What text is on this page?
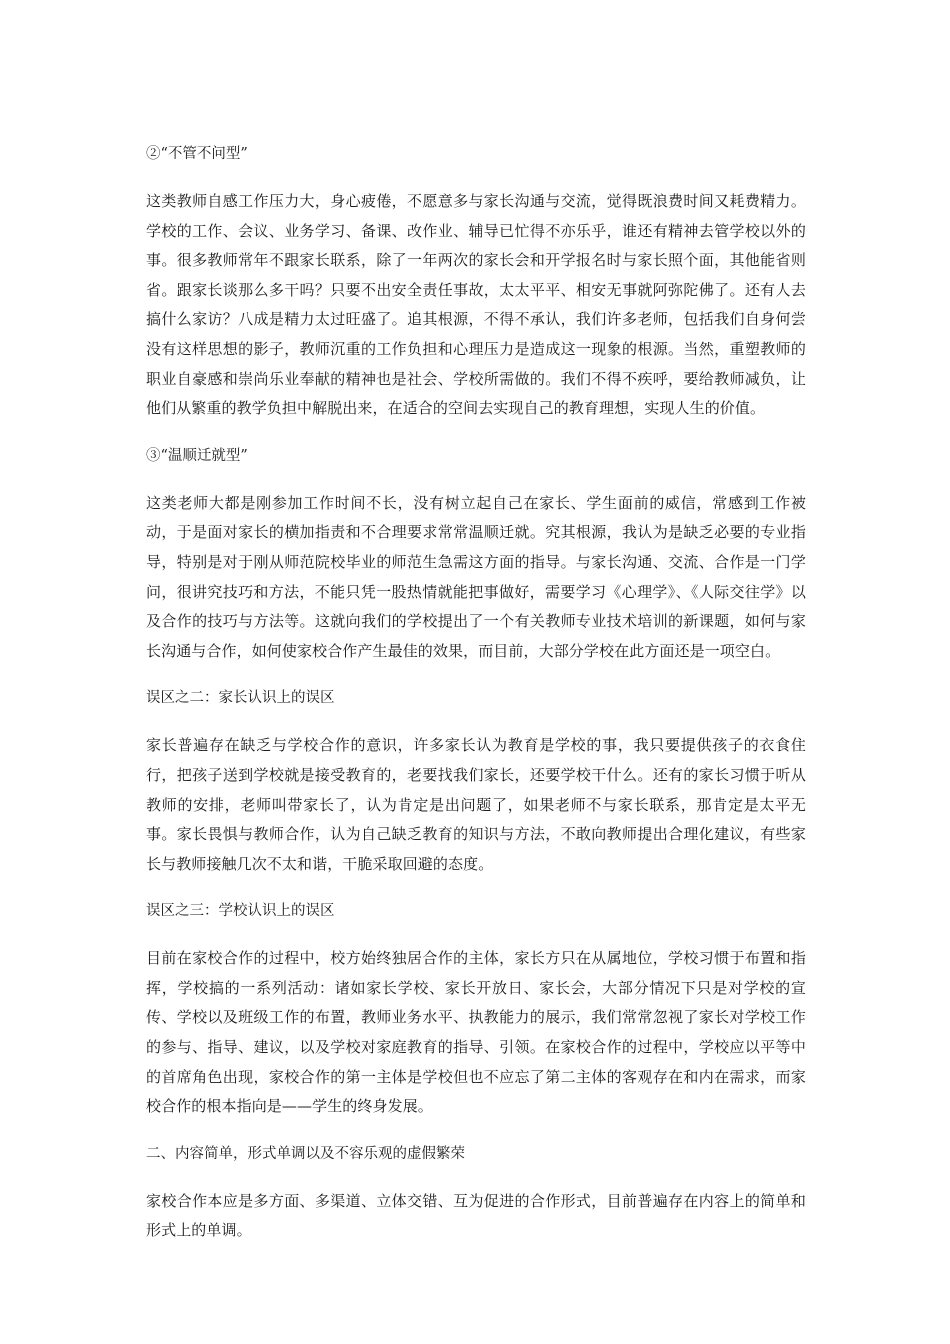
②“不管不问型”

这类教师自感工作压力大，身心疲倦，不愿意多与家长沟通与交流，觉得既浪费时间又耗费精力。学校的工作、会议、业务学习、备课、改作业、辅导已忙得不亦乐乎，谁还有精神去管学校以外的事。很多教师常年不跟家长联系，除了一年两次的家长会和开学报名时与家长照个面，其他能省则省。跟家长谈那么多干吗？只要不出安全责任事故，太太平平、相安无事就阿弥陀佛了。还有人去搞什么家访？八成是精力太过旺盛了。追其根源，不得不承认，我们许多老师，包括我们自身何尝没有这样思想的影子，教师沉重的工作负担和心理压力是造成这一现象的根源。当然，重塑教师的职业自豪感和崇尚乐业奉献的精神也是社会、学校所需做的。我们不得不疾呼，要给教师减负，让他们从繁重的教学负担中解脱出来，在适合的空间去实现自己的教育理想，实现人生的价值。

③“温顺迁就型”

这类老师大都是刚参加工作时间不长，没有树立起自己在家长、学生面前的威信，常感到工作被动，于是面对家长的横加指责和不合理要求常常温顺迁就。究其根源，我认为是缺乏必要的专业指导，特别是对于刚从师范院校毕业的师范生急需这方面的指导。与家长沟通、交流、合作是一门学问，很讲究技巧和方法，不能只凭一股热情就能把事做好，需要学习《心理学》、《人际交往学》以及合作的技巧与方法等。这就向我们的学校提出了一个有关教师专业技术培训的新课题，如何与家长沟通与合作，如何使家校合作产生最佳的效果，而目前，大部分学校在此方面还是一项空白。

误区之二：家长认识上的误区

家长普遍存在缺乏与学校合作的意识，许多家长认为教育是学校的事，我只要提供孩子的衣食住行，把孩子送到学校就是接受教育的，老要找我们家长，还要学校干什么。还有的家长习惯于听从教师的安排，老师叫带家长了，认为肯定是出问题了，如果老师不与家长联系，那肯定是太平无事。家长畏惧与教师合作，认为自己缺乏教育的知识与方法，不敢向教师提出合理化建议，有些家长与教师接触几次不太和谐，干脆采取回避的态度。

误区之三：学校认识上的误区

目前在家校合作的过程中，校方始终独居合作的主体，家长方只在从属地位，学校习惯于布置和指挥，学校搞的一系列活动：诸如家长学校、家长开放日、家长会，大部分情况下只是对学校的宣传、学校以及班级工作的布置，教师业务水平、执教能力的展示，我们常常忽视了家长对学校工作的参与、指导、建议，以及学校对家庭教育的指导、引领。在家校合作的过程中，学校应以平等中的首席角色出现，家校合作的第一主体是学校但也不应忘了第二主体的客观存在和内在需求，而家校合作的根本指向是——学生的终身发展。

二、内容简单，形式单调以及不容乐观的虚假繁荣

家校合作本应是多方面、多渠道、立体交错、互为促进的合作形式，目前普遍存在内容上的简单和形式上的单调。
